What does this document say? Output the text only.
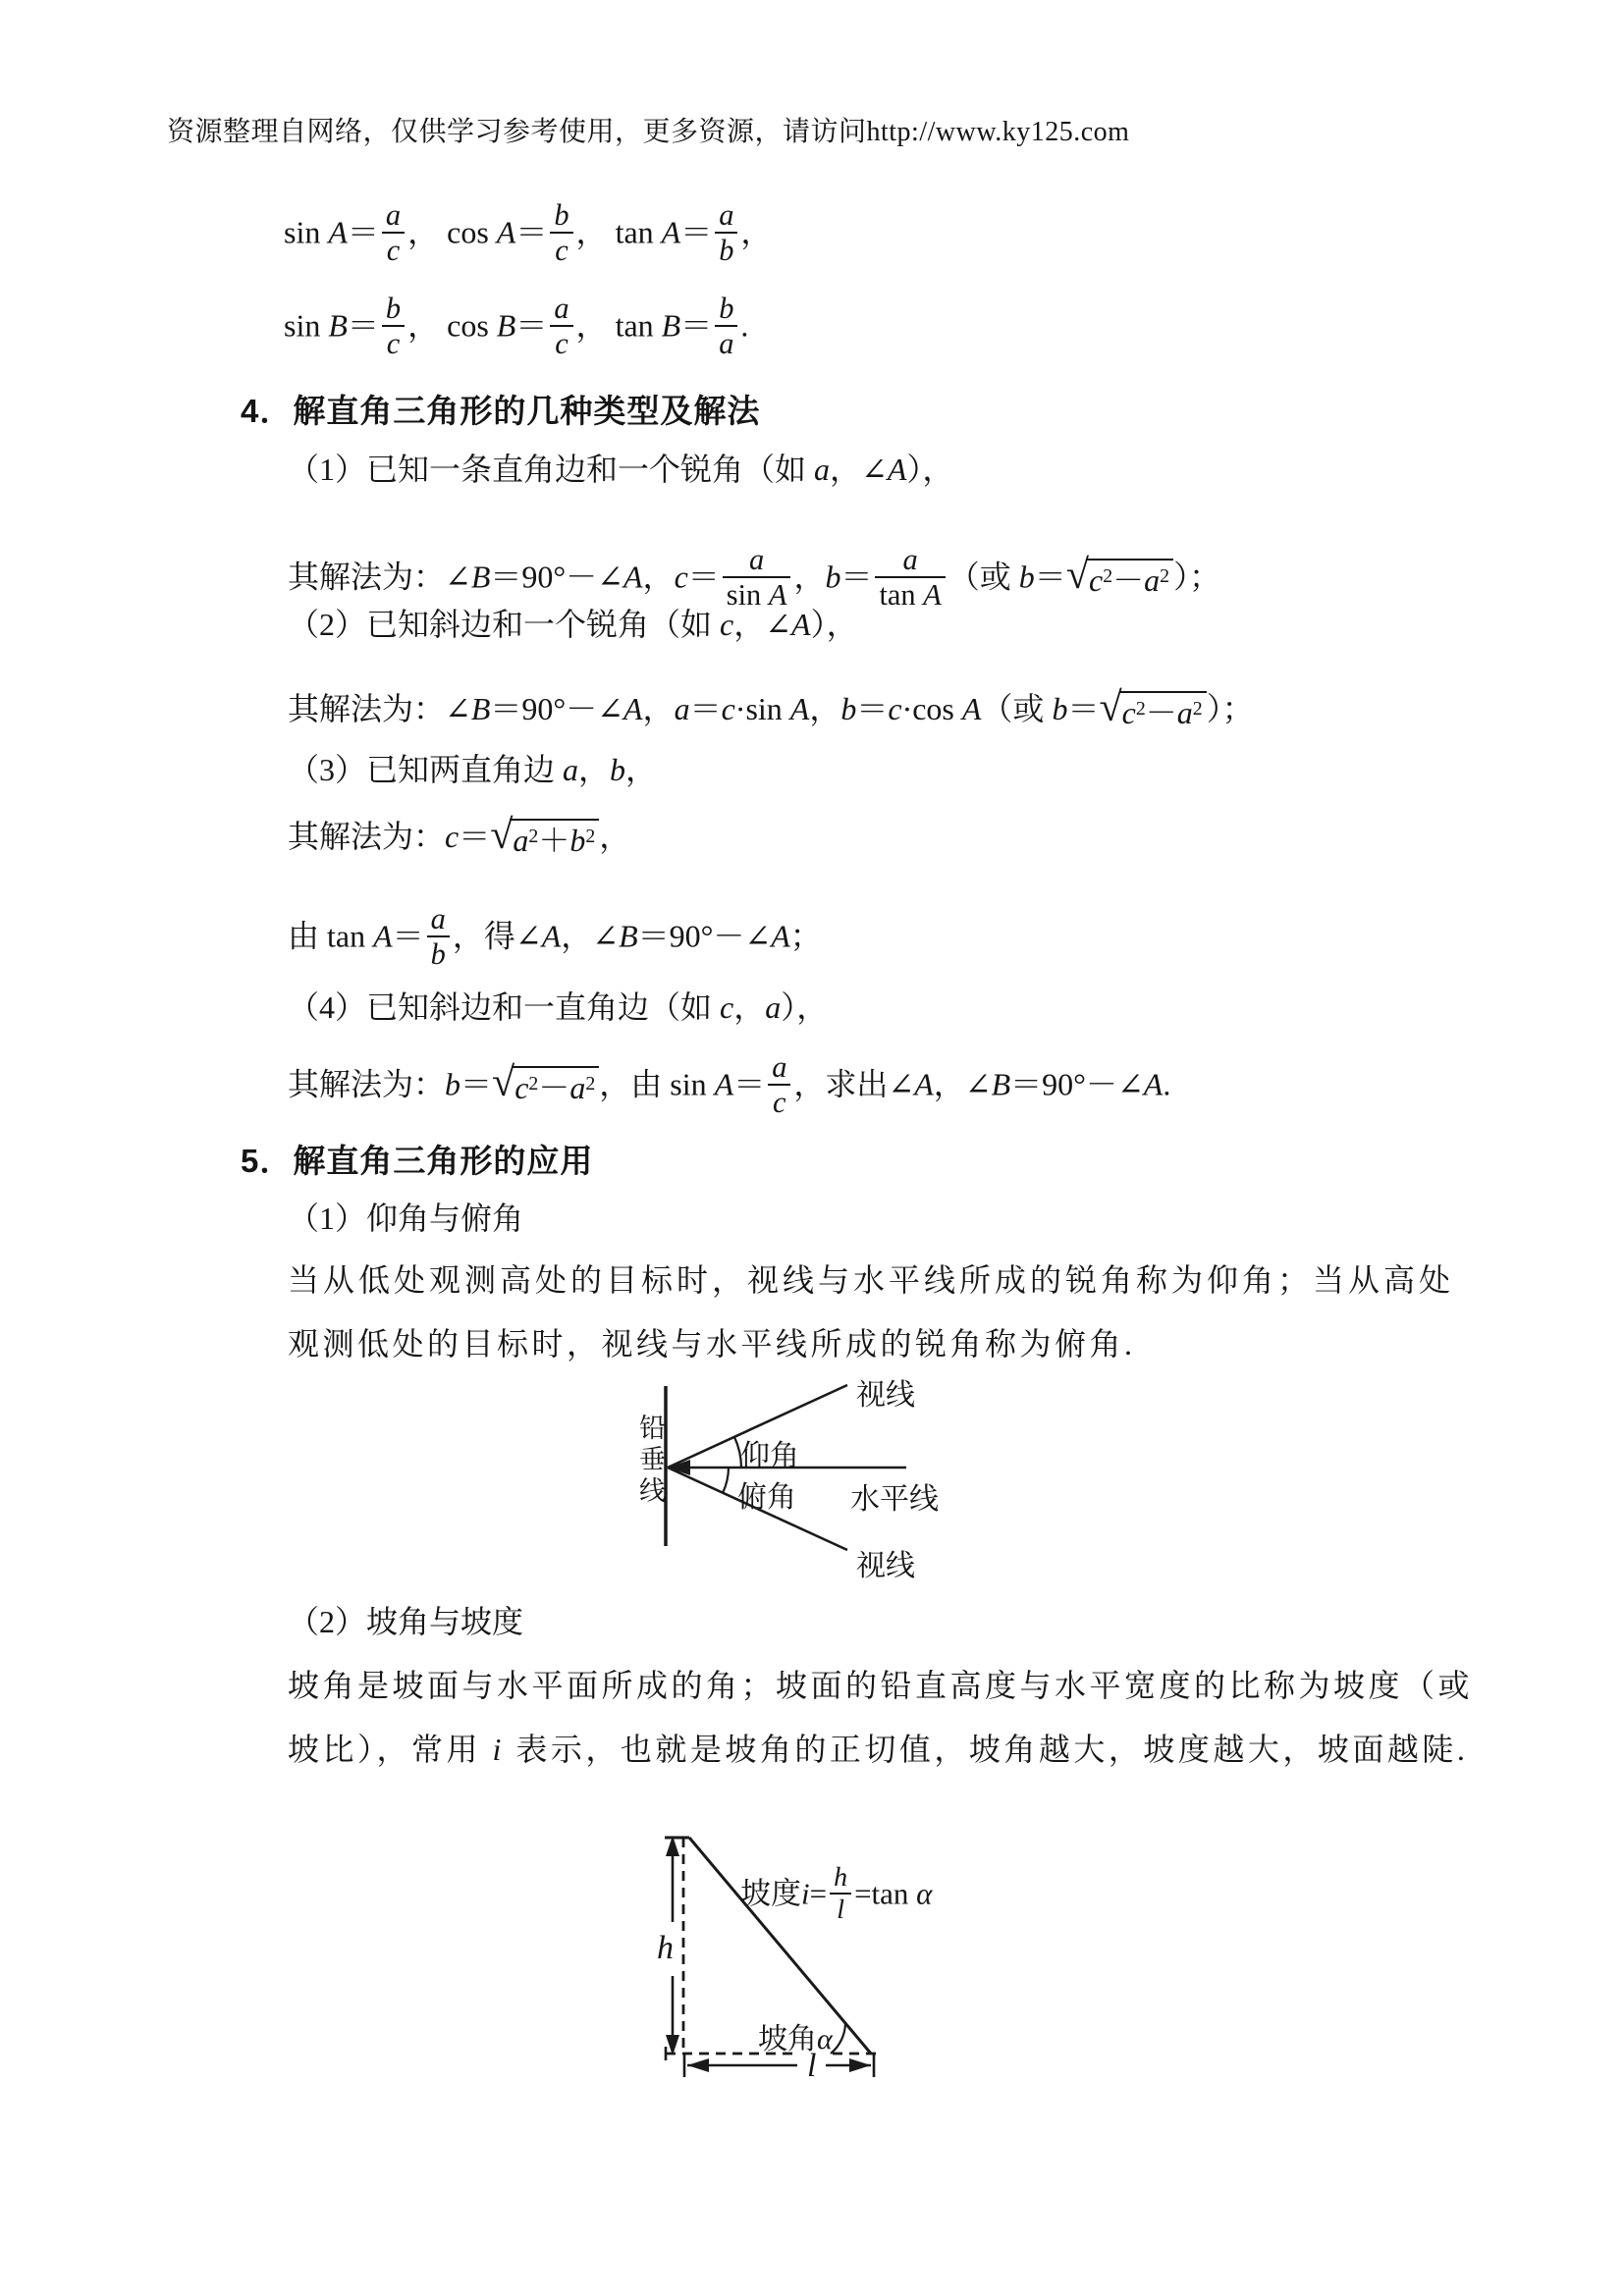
资源整理自网络，仅供学习参考使用，更多资源，请访问http://www.ky125.com
$\sin A= \frac{a}{c}$ ， $\cos A= \frac{b}{c}$ ， $\tan A= \frac{a}{b}$ ，
$\sin B= \frac{b}{c}$ ， $\cos B= \frac{a}{c}$ ， $\tan B= \frac{b}{a}$ .
4．解直角三角形的几种类型及解法
（1）已知一条直角边和一个锐角（如 a，∠A），
其解法为：∠B＝90°－∠A，$c= \frac{a}{\text{sin A}}$ ，$b= \frac{a}{\text{tan A}}$ （或 b＝ √ $c^2-a^2$ ）；
（2）已知斜边和一个锐角（如 c，∠A），
其解法为：∠B＝90°－∠A，a＝c·sin A，b＝c·cos A（或 b＝ √ $c^2-a^2$ ）；
（3）已知两直角边 a，b，
其解法为：c＝ √ $a^2+b^2$ ，
由 $\tan A= \frac{a}{b}$ ，得∠A，∠B＝90°－∠A；
（4）已知斜边和一直角边（如 c，a），
其解法为：b＝ √ $c^2-a^2$ ，由 $\sin A= \frac{a}{c}$ ，求出∠A，∠B＝90°－∠A.
5．解直角三角形的应用
（1）仰角与俯角
当从低处观测高处的目标时，视线与水平线所成的锐角称为仰角；当从高处
观测低处的目标时，视线与水平线所成的锐角称为俯角.
铅垂线
视线
仰角
俯角 水平线
视线
（2）坡角与坡度
坡角是坡面与水平面所成的角；坡面的铅直高度与水平宽度的比称为坡度（或
坡比），常用 i 表示，也就是坡角的正切值，坡角越大，坡度越大，坡面越陡.
h
l
坡角α
坡度$i= \frac{h}{l} =\tan$ α
